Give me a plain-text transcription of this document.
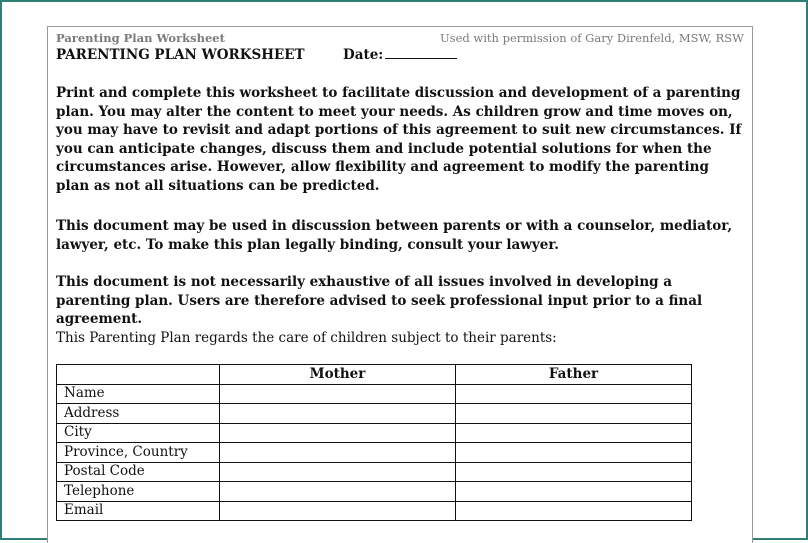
Parenting Plan Worksheet	Used with permission of Gary Direnfeld, MSW, RSW
PARENTING PLAN WORKSHEET	Date:
Print and complete this worksheet to facilitate discussion and development of a parenting plan. You may alter the content to meet your needs. As children grow and time moves on, you may have to revisit and adapt portions of this agreement to suit new circumstances. If you can anticipate changes, discuss them and include potential solutions for when the circumstances arise. However, allow flexibility and agreement to modify the parenting plan as not all situations can be predicted.
This document may be used in discussion between parents or with a counselor, mediator, lawyer, etc. To make this plan legally binding, consult your lawyer.
This document is not necessarily exhaustive of all issues involved in developing a parenting plan. Users are therefore advised to seek professional input prior to a final agreement.
This Parenting Plan regards the care of children subject to their parents:
	Mother	Father
Name		
Address		
City		
Province, Country		
Postal Code		
Telephone		
Email		
